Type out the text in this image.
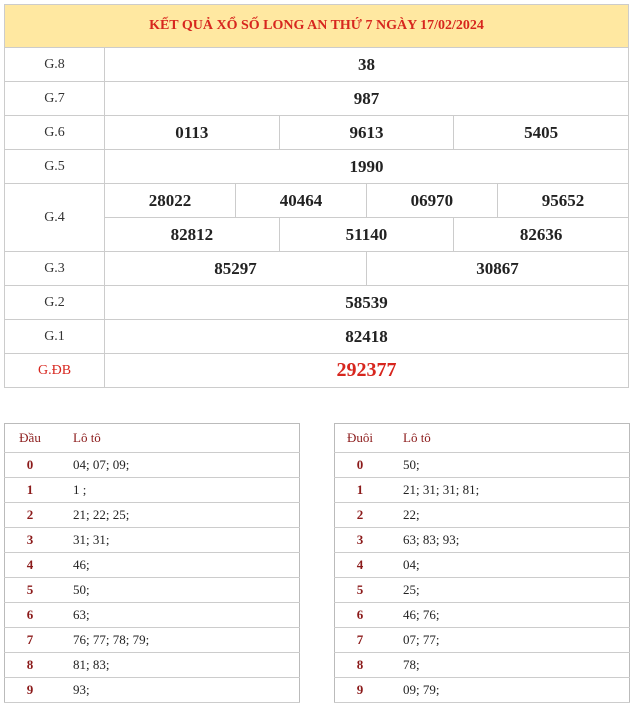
KẾT QUẢ XỔ SỐ LONG AN THỨ 7 NGÀY 17/02/2024						
G.8	38					
G.7	987					
G.6	0113		9613		5405	
G.5	1990					
G.4	28022	40464		06970		95652
	82812		51140		82636	
G.3	85297			30867		
G.2	58539					
G.1	82418					
G.ĐB	292377					
Đầu	Lô tô
0	04; 07; 09;
1	1 ;
2	21; 22; 25;
3	31; 31;
4	46;
5	50;
6	63;
7	76; 77; 78; 79;
8	81; 83;
9	93;
Đuôi	Lô tô
0	50;
1	21; 31; 31; 81;
2	22;
3	63; 83; 93;
4	04;
5	25;
6	46; 76;
7	07; 77;
8	78;
9	09; 79;
